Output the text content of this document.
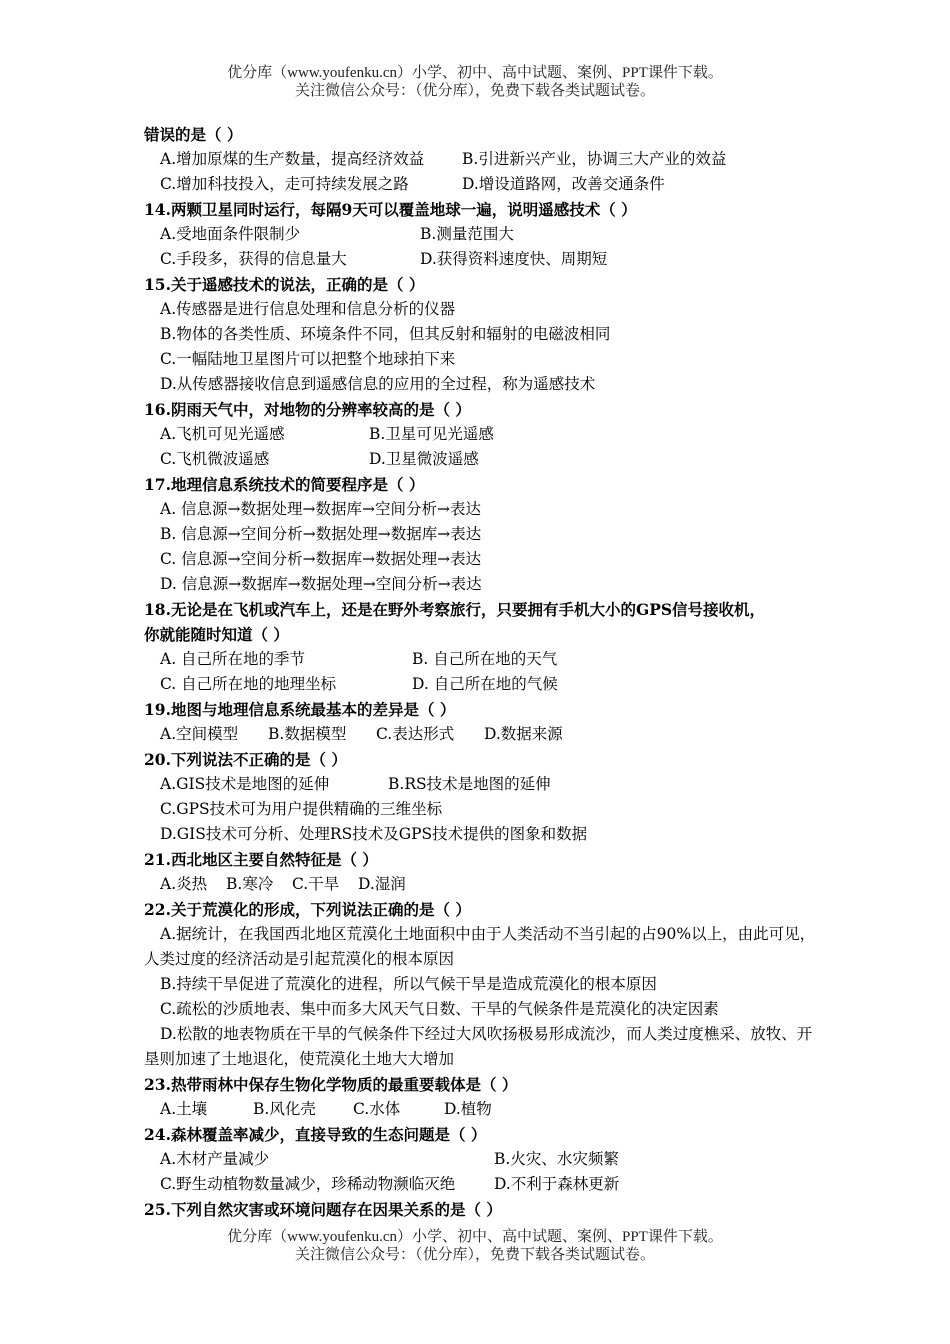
优分库（www.youfenku.cn）小学、初中、高中试题、案例、PPT课件下载。
关注微信公众号：（优分库），免费下载各类试题试卷。
错误的是（ ）
A.增加原煤的生产数量，提高经济效益 B.引进新兴产业，协调三大产业的效益
C.增加科技投入，走可持续发展之路	D.增设道路网，改善交通条件
14.两颗卫星同时运行，每隔9天可以覆盖地球一遍，说明遥感技术（ ）
A.受地面条件限制少	B.测量范围大
C.手段多，获得的信息量大	D.获得资料速度快、周期短
15.关于遥感技术的说法，正确的是（ ）
A.传感器是进行信息处理和信息分析的仪器
B.物体的各类性质、环境条件不同，但其反射和辐射的电磁波相同
C.一幅陆地卫星图片可以把整个地球拍下来
D.从传感器接收信息到遥感信息的应用的全过程，称为遥感技术
16.阴雨天气中，对地物的分辨率较高的是（ ）
A.飞机可见光遥感	B.卫星可见光遥感
C.飞机微波遥感	D.卫星微波遥感
17.地理信息系统技术的简要程序是（ ）
A. 信息源→数据处理→数据库→空间分析→表达
B. 信息源→空间分析→数据处理→数据库→表达
C. 信息源→空间分析→数据库→数据处理→表达
D. 信息源→数据库→数据处理→空间分析→表达
18.无论是在飞机或汽车上，还是在野外考察旅行，只要拥有手机大小的GPS信号接收机，
你就能随时知道（ ）
A. 自己所在地的季节	B. 自己所在地的天气
C. 自己所在地的地理坐标	D. 自己所在地的气候
19.地图与地理信息系统最基本的差异是（ ）
A.空间模型 B.数据模型 C.表达形式 D.数据来源
20.下列说法不正确的是（ ）
A.GIS技术是地图的延伸	B.RS技术是地图的延伸
C.GPS技术可为用户提供精确的三维坐标
D.GIS技术可分析、处理RS技术及GPS技术提供的图象和数据
21.西北地区主要自然特征是（ ）
A.炎热 B.寒冷 C.干旱 D.湿润
22.关于荒漠化的形成，下列说法正确的是（ ）
A.据统计，在我国西北地区荒漠化土地面积中由于人类活动不当引起的占90%以上，由此可见，人类过度的经济活动是引起荒漠化的根本原因
B.持续干旱促进了荒漠化的进程，所以气候干旱是造成荒漠化的根本原因
C.疏松的沙质地表、集中而多大风天气日数、干旱的气候条件是荒漠化的决定因素
D.松散的地表物质在干旱的气候条件下经过大风吹扬极易形成流沙，而人类过度樵采、放牧、开垦则加速了土地退化，使荒漠化土地大大增加
23.热带雨林中保存生物化学物质的最重要载体是（ ）
A.土壤	B.风化壳 C.水体	D.植物
24.森林覆盖率减少，直接导致的生态问题是（ ）
A.木材产量减少	B.火灾、水灾频繁
C.野生动植物数量减少，珍稀动物濒临灭绝	D.不利于森林更新
25.下列自然灾害或环境问题存在因果关系的是（ ）
优分库（www.youfenku.cn）小学、初中、高中试题、案例、PPT课件下载。
关注微信公众号：（优分库），免费下载各类试题试卷。
